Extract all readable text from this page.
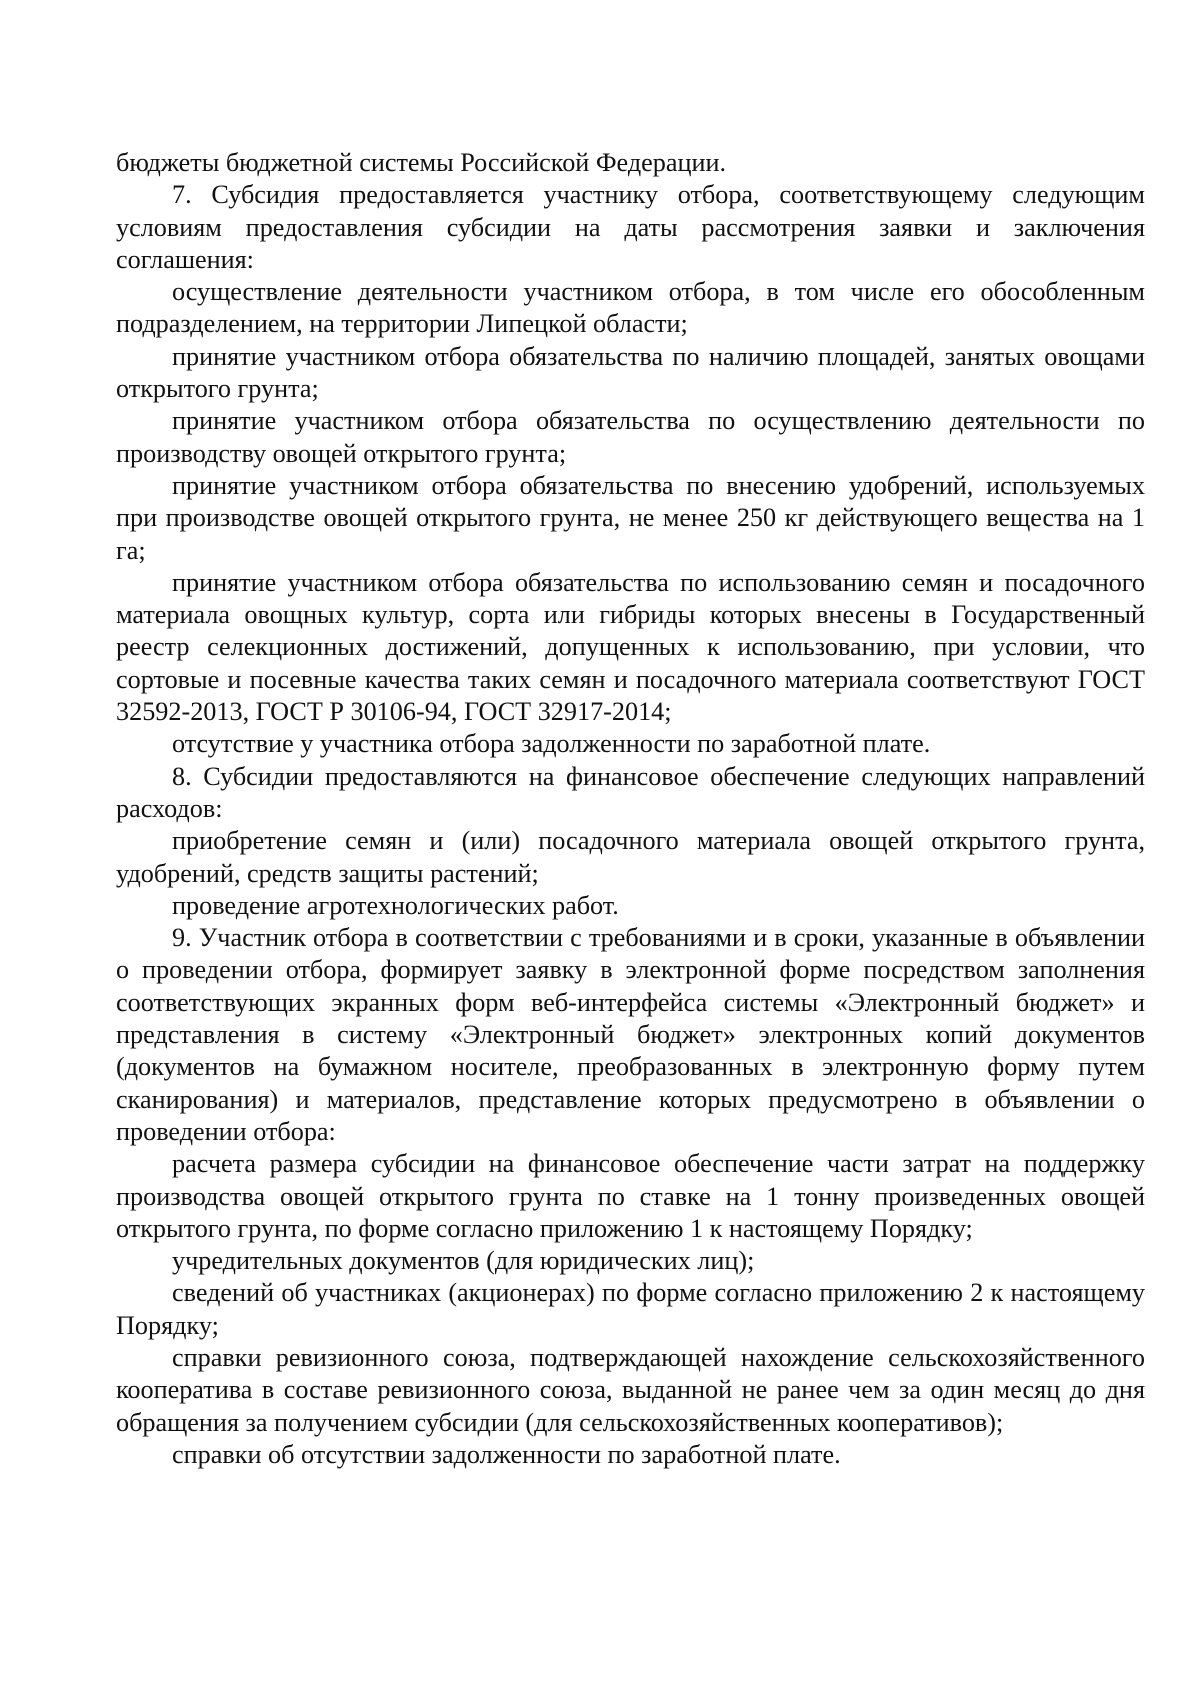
бюджеты бюджетной системы Российской Федерации.

7. Субсидия предоставляется участнику отбора, соответствующему следующим условиям предоставления субсидии на даты рассмотрения заявки и заключения соглашения:

осуществление деятельности участником отбора, в том числе его обособленным подразделением, на территории Липецкой области;

принятие участником отбора обязательства по наличию площадей, занятых овощами открытого грунта;

принятие участником отбора обязательства по осуществлению деятельности по производству овощей открытого грунта;

принятие участником отбора обязательства по внесению удобрений, используемых при производстве овощей открытого грунта, не менее 250 кг действующего вещества на 1 га;

принятие участником отбора обязательства по использованию семян и посадочного материала овощных культур, сорта или гибриды которых внесены в Государственный реестр селекционных достижений, допущенных к использованию, при условии, что сортовые и посевные качества таких семян и посадочного материала соответствуют ГОСТ 32592-2013, ГОСТ Р 30106-94, ГОСТ 32917-2014;

отсутствие у участника отбора задолженности по заработной плате.

8. Субсидии предоставляются на финансовое обеспечение следующих направлений расходов:

приобретение семян и (или) посадочного материала овощей открытого грунта, удобрений, средств защиты растений;

проведение агротехнологических работ.

9. Участник отбора в соответствии с требованиями и в сроки, указанные в объявлении о проведении отбора, формирует заявку в электронной форме посредством заполнения соответствующих экранных форм веб-интерфейса системы «Электронный бюджет» и представления в систему «Электронный бюджет» электронных копий документов (документов на бумажном носителе, преобразованных в электронную форму путем сканирования) и материалов, представление которых предусмотрено в объявлении о проведении отбора:

расчета размера субсидии на финансовое обеспечение части затрат на поддержку производства овощей открытого грунта по ставке на 1 тонну произведенных овощей открытого грунта, по форме согласно приложению 1 к настоящему Порядку;

учредительных документов (для юридических лиц);

сведений об участниках (акционерах) по форме согласно приложению 2 к настоящему Порядку;

справки ревизионного союза, подтверждающей нахождение сельскохозяйственного кооператива в составе ревизионного союза, выданной не ранее чем за один месяц до дня обращения за получением субсидии (для сельскохозяйственных кооперативов);

справки об отсутствии задолженности по заработной плате.
